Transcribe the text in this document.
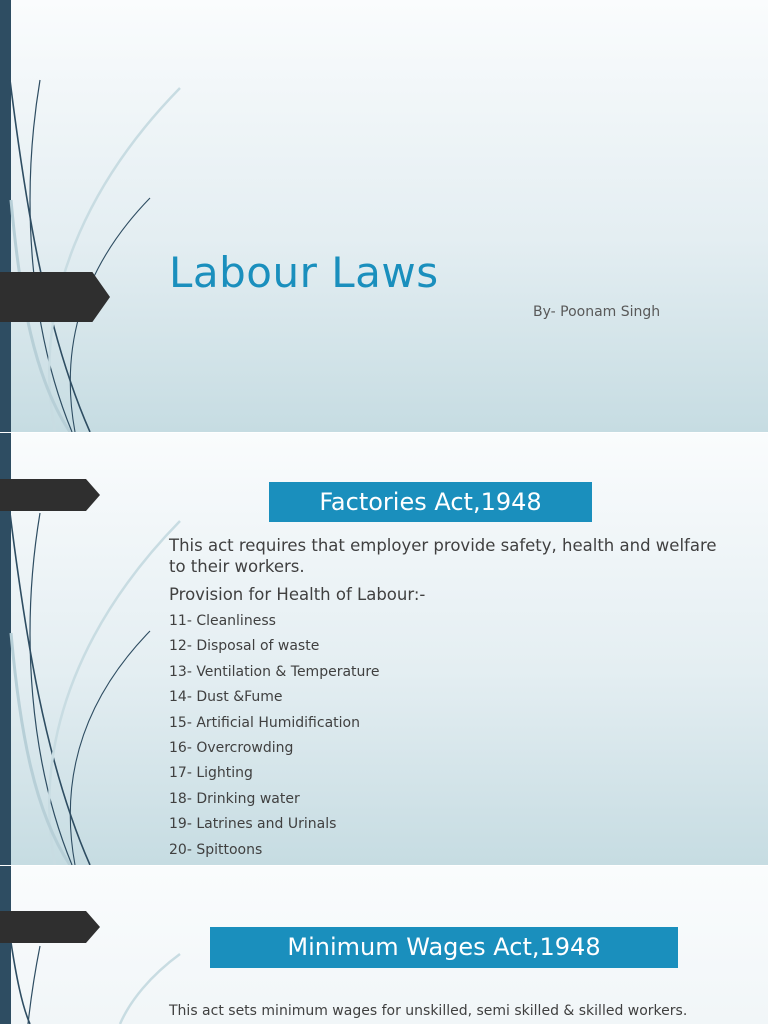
Labour Laws
By- Poonam Singh
Factories Act,1948
This act requires that employer provide safety, health and welfare to their workers.
Provision for Health of Labour:-
11- Cleanliness
12- Disposal of waste
13- Ventilation & Temperature
14- Dust &Fume
15- Artificial Humidification
16- Overcrowding
17- Lighting
18- Drinking water
19- Latrines and Urinals
20- Spittoons
Minimum Wages Act,1948
This act sets minimum wages for unskilled, semi skilled & skilled workers.
